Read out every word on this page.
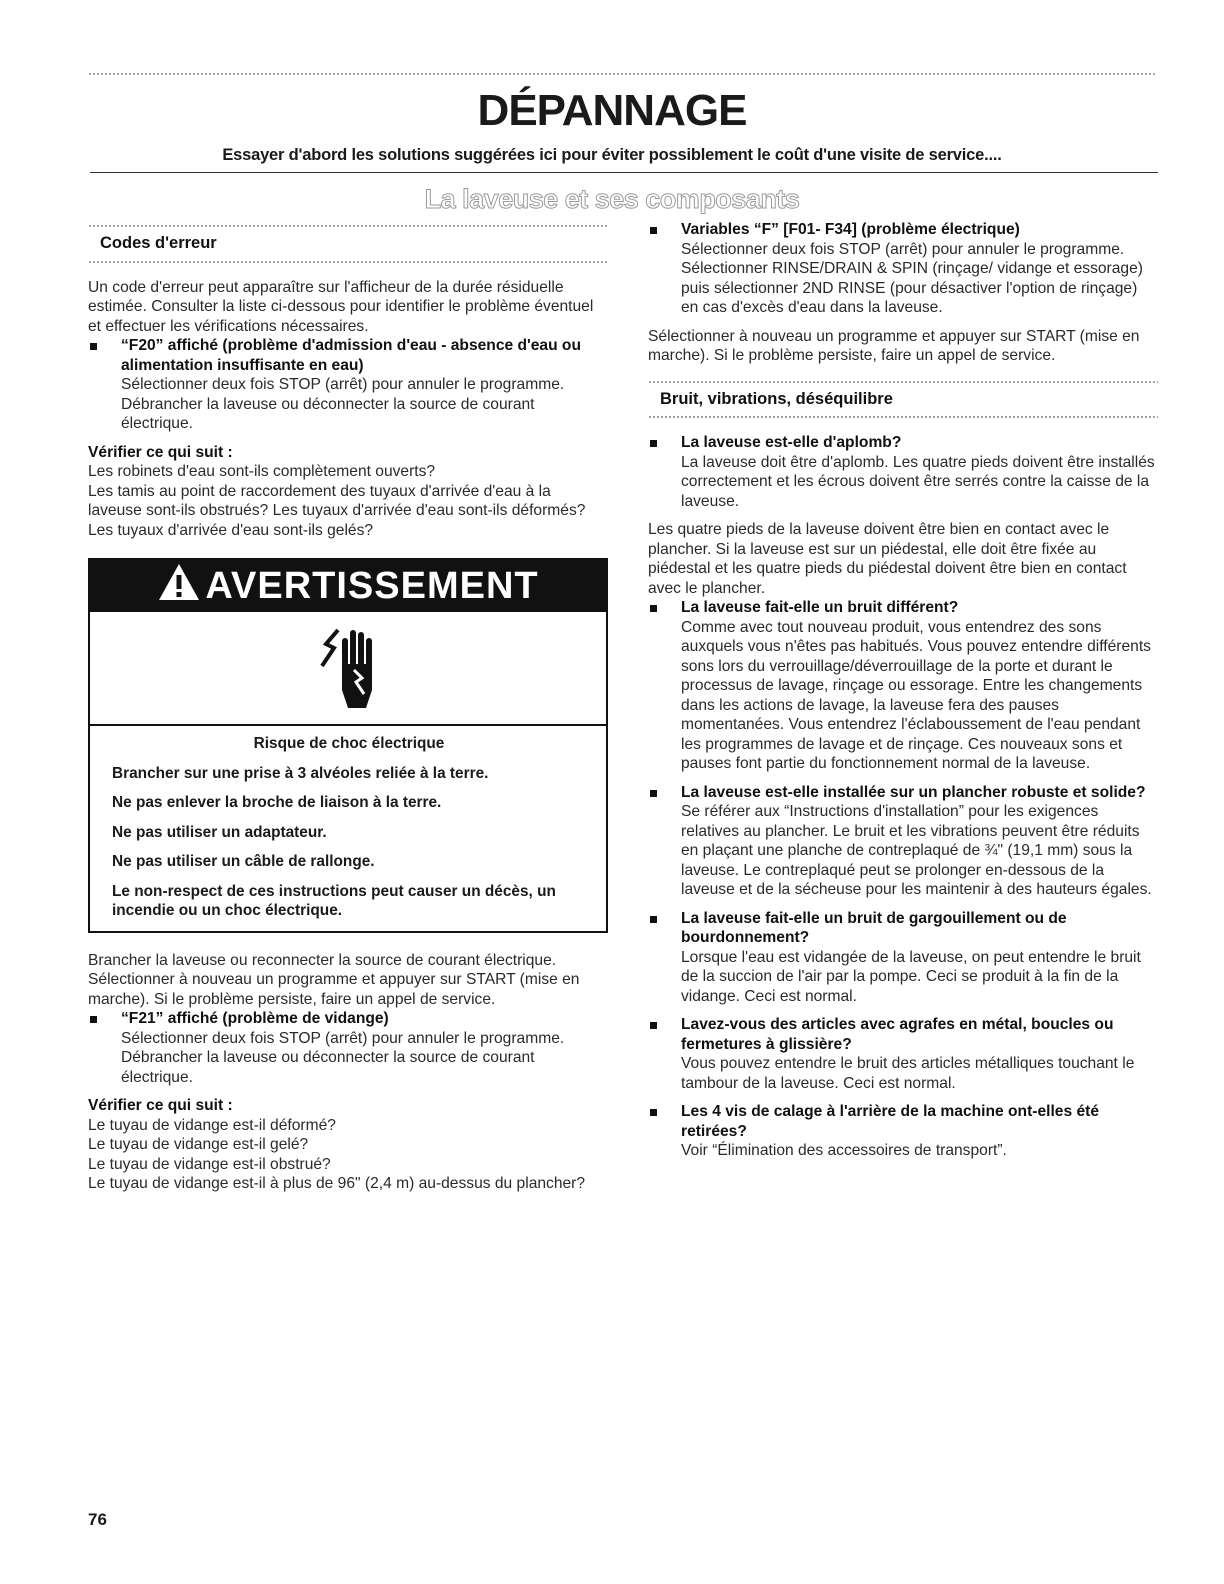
DÉPANNAGE

Essayer d'abord les solutions suggérées ici pour éviter possiblement le coût d'une visite de service....

La laveuse et ses composants
Codes d'erreur

Un code d'erreur peut apparaître sur l'afficheur de la durée résiduelle estimée. Consulter la liste ci-dessous pour identifier le problème éventuel et effectuer les vérifications nécessaires.

“F20” affiché (problème d'admission d'eau - absence d'eau ou alimentation insuffisante en eau)
Sélectionner deux fois STOP (arrêt) pour annuler le programme. Débrancher la laveuse ou déconnecter la source de courant électrique.

Vérifier ce qui suit :

Les robinets d'eau sont-ils complètement ouverts?

Les tamis au point de raccordement des tuyaux d'arrivée d'eau à la laveuse sont-ils obstrués? Les tuyaux d'arrivée d'eau sont-ils déformés?

Les tuyaux d'arrivée d'eau sont-ils gelés?

AVERTISSEMENT

Risque de choc électrique

Brancher sur une prise à 3 alvéoles reliée à la terre.

Ne pas enlever la broche de liaison à la terre.

Ne pas utiliser un adaptateur.

Ne pas utiliser un câble de rallonge.

Le non-respect de ces instructions peut causer un décès, un incendie ou un choc électrique.

Brancher la laveuse ou reconnecter la source de courant électrique. Sélectionner à nouveau un programme et appuyer sur START (mise en marche). Si le problème persiste, faire un appel de service.

“F21” affiché (problème de vidange)
Sélectionner deux fois STOP (arrêt) pour annuler le programme. Débrancher la laveuse ou déconnecter la source de courant électrique.

Vérifier ce qui suit :

Le tuyau de vidange est-il déformé?

Le tuyau de vidange est-il gelé?

Le tuyau de vidange est-il obstrué?

Le tuyau de vidange est-il à plus de 96" (2,4 m) au-dessus du plancher?

Variables “F” [F01- F34] (problème électrique)
Sélectionner deux fois STOP (arrêt) pour annuler le programme. Sélectionner RINSE/DRAIN & SPIN (rinçage/ vidange et essorage) puis sélectionner 2ND RINSE (pour désactiver l'option de rinçage) en cas d'excès d'eau dans la laveuse.

Sélectionner à nouveau un programme et appuyer sur START (mise en marche). Si le problème persiste, faire un appel de service.

Bruit, vibrations, déséquilibre
La laveuse est-elle d'aplomb?
La laveuse doit être d'aplomb. Les quatre pieds doivent être installés correctement et les écrous doivent être serrés contre la caisse de la laveuse.

Les quatre pieds de la laveuse doivent être bien en contact avec le plancher. Si la laveuse est sur un piédestal, elle doit être fixée au piédestal et les quatre pieds du piédestal doivent être bien en contact avec le plancher.

La laveuse fait-elle un bruit différent?
Comme avec tout nouveau produit, vous entendrez des sons auxquels vous n'êtes pas habitués. Vous pouvez entendre différents sons lors du verrouillage/déverrouillage de la porte et durant le processus de lavage, rinçage ou essorage. Entre les changements dans les actions de lavage, la laveuse fera des pauses momentanées. Vous entendrez l'éclaboussement de l'eau pendant les programmes de lavage et de rinçage. Ces nouveaux sons et pauses font partie du fonctionnement normal de la laveuse.
La laveuse est-elle installée sur un plancher robuste et solide?
Se référer aux “Instructions d'installation” pour les exigences relatives au plancher. Le bruit et les vibrations peuvent être réduits en plaçant une planche de contreplaqué de ¾" (19,1 mm) sous la laveuse. Le contreplaqué peut se prolonger en-dessous de la laveuse et de la sécheuse pour les maintenir à des hauteurs égales.
La laveuse fait-elle un bruit de gargouillement ou de bourdonnement?
Lorsque l'eau est vidangée de la laveuse, on peut entendre le bruit de la succion de l'air par la pompe. Ceci se produit à la fin de la vidange. Ceci est normal.
Lavez-vous des articles avec agrafes en métal, boucles ou fermetures à glissière?
Vous pouvez entendre le bruit des articles métalliques touchant le tambour de la laveuse. Ceci est normal.
Les 4 vis de calage à l'arrière de la machine ont-elles été retirées?
Voir “Élimination des accessoires de transport”.

76
